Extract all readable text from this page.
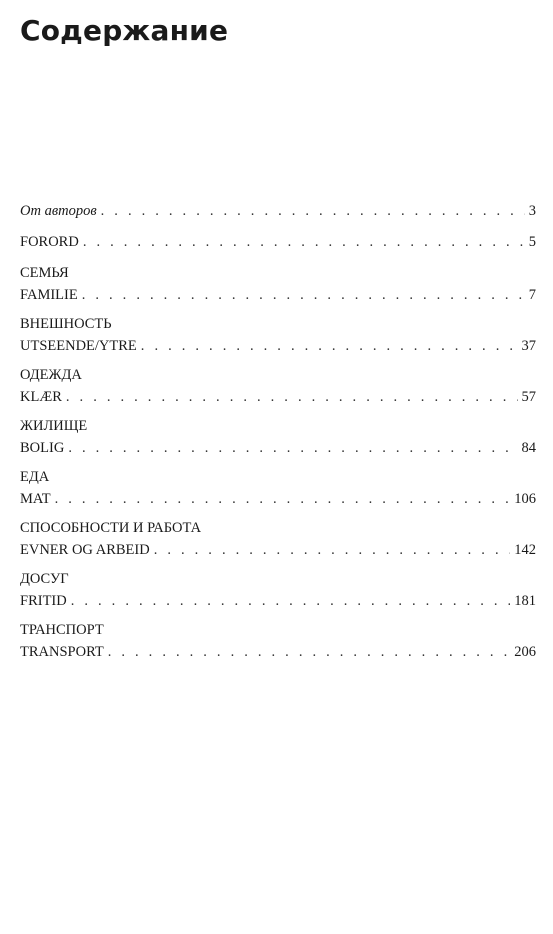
Содержание
От авторов . . .	3
FORORD . . .	5
СЕМЬЯ
FAMILIE . . .	7
ВНЕШНОСТЬ
UTSEENDE/YTRE . . .	37
ОДЕЖДА
KLÆR . . .	57
ЖИЛИЩЕ
BOLIG . . .	84
ЕДА
MAT . . .	106
СПОСОБНОСТИ И РАБОТА
EVNER OG ARBEID . . .	142
ДОСУГ
FRITID . . .	181
ТРАНСПОРТ
TRANSPORT . . .	206
